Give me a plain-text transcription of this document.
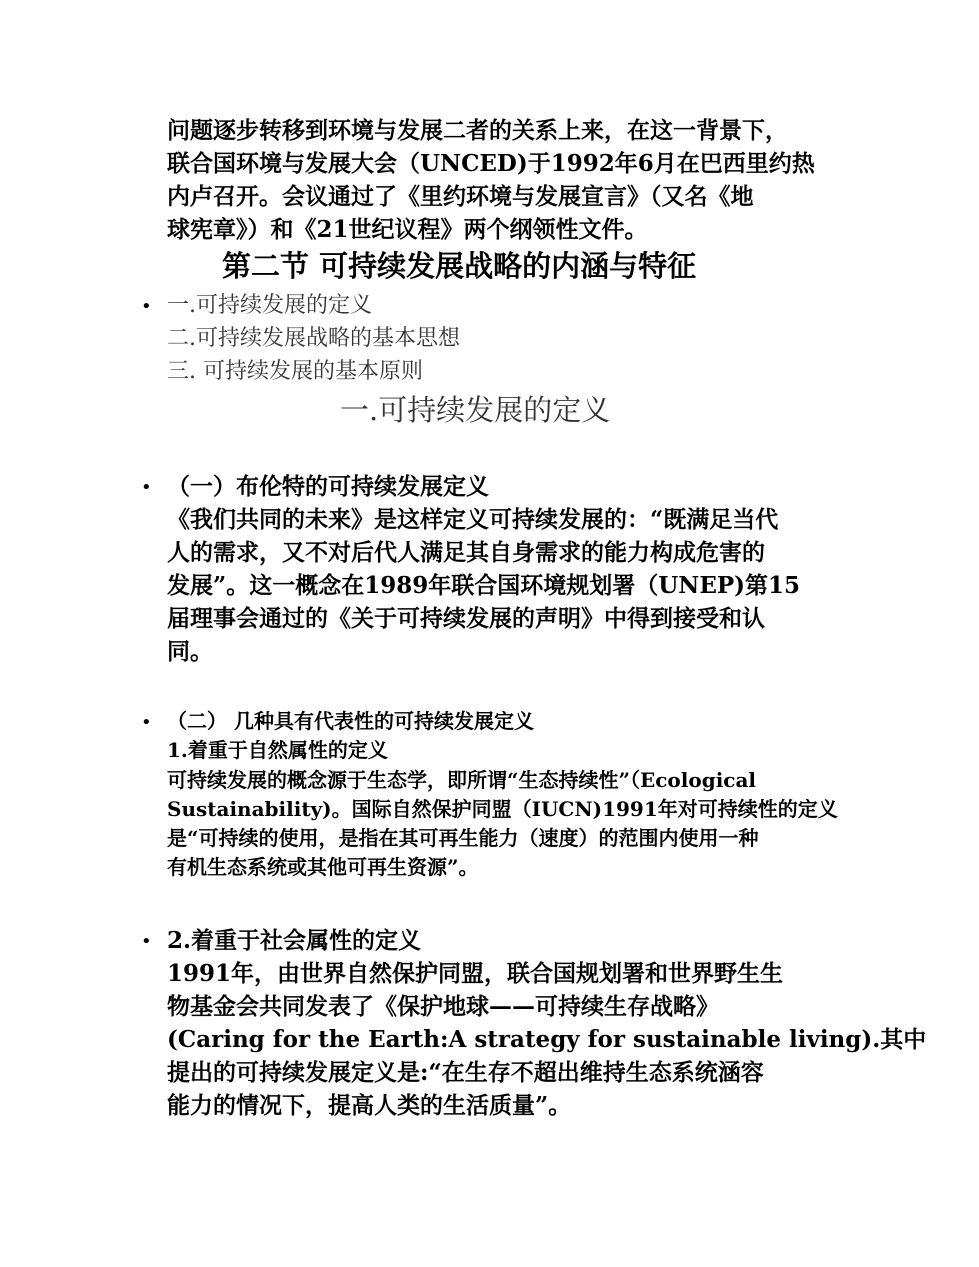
问题逐步转移到环境与发展二者的关系上来，在这一背景下，
联合国环境与发展大会（UNCED)于1992年6月在巴西里约热
内卢召开。会议通过了《里约环境与发展宣言》（又名《地
球宪章》）和《21世纪议程》两个纲领性文件。
第二节 可持续发展战略的内涵与特征
• 一.可持续发展的定义
二.可持续发展战略的基本思想
三. 可持续发展的基本原则
一.可持续发展的定义
• （一）布伦特的可持续发展定义
《我们共同的未来》是这样定义可持续发展的：“既满足当代
人的需求，又不对后代人满足其自身需求的能力构成危害的
发展”。这一概念在1989年联合国环境规划署（UNEP)第15
届理事会通过的《关于可持续发展的声明》中得到接受和认
同。
• （二） 几种具有代表性的可持续发展定义
1.着重于自然属性的定义
可持续发展的概念源于生态学，即所谓“生态持续性”（Ecological
Sustainability)。国际自然保护同盟（IUCN)1991年对可持续性的定义
是“可持续的使用，是指在其可再生能力（速度）的范围内使用一种
有机生态系统或其他可再生资源”。
• 2.着重于社会属性的定义
1991年，由世界自然保护同盟，联合国规划署和世界野生生
物基金会共同发表了《保护地球——可持续生存战略》
(Caring for the Earth:A strategy for sustainable living).其中
提出的可持续发展定义是:“在生存不超出维持生态系统涵容
能力的情况下，提高人类的生活质量”。
